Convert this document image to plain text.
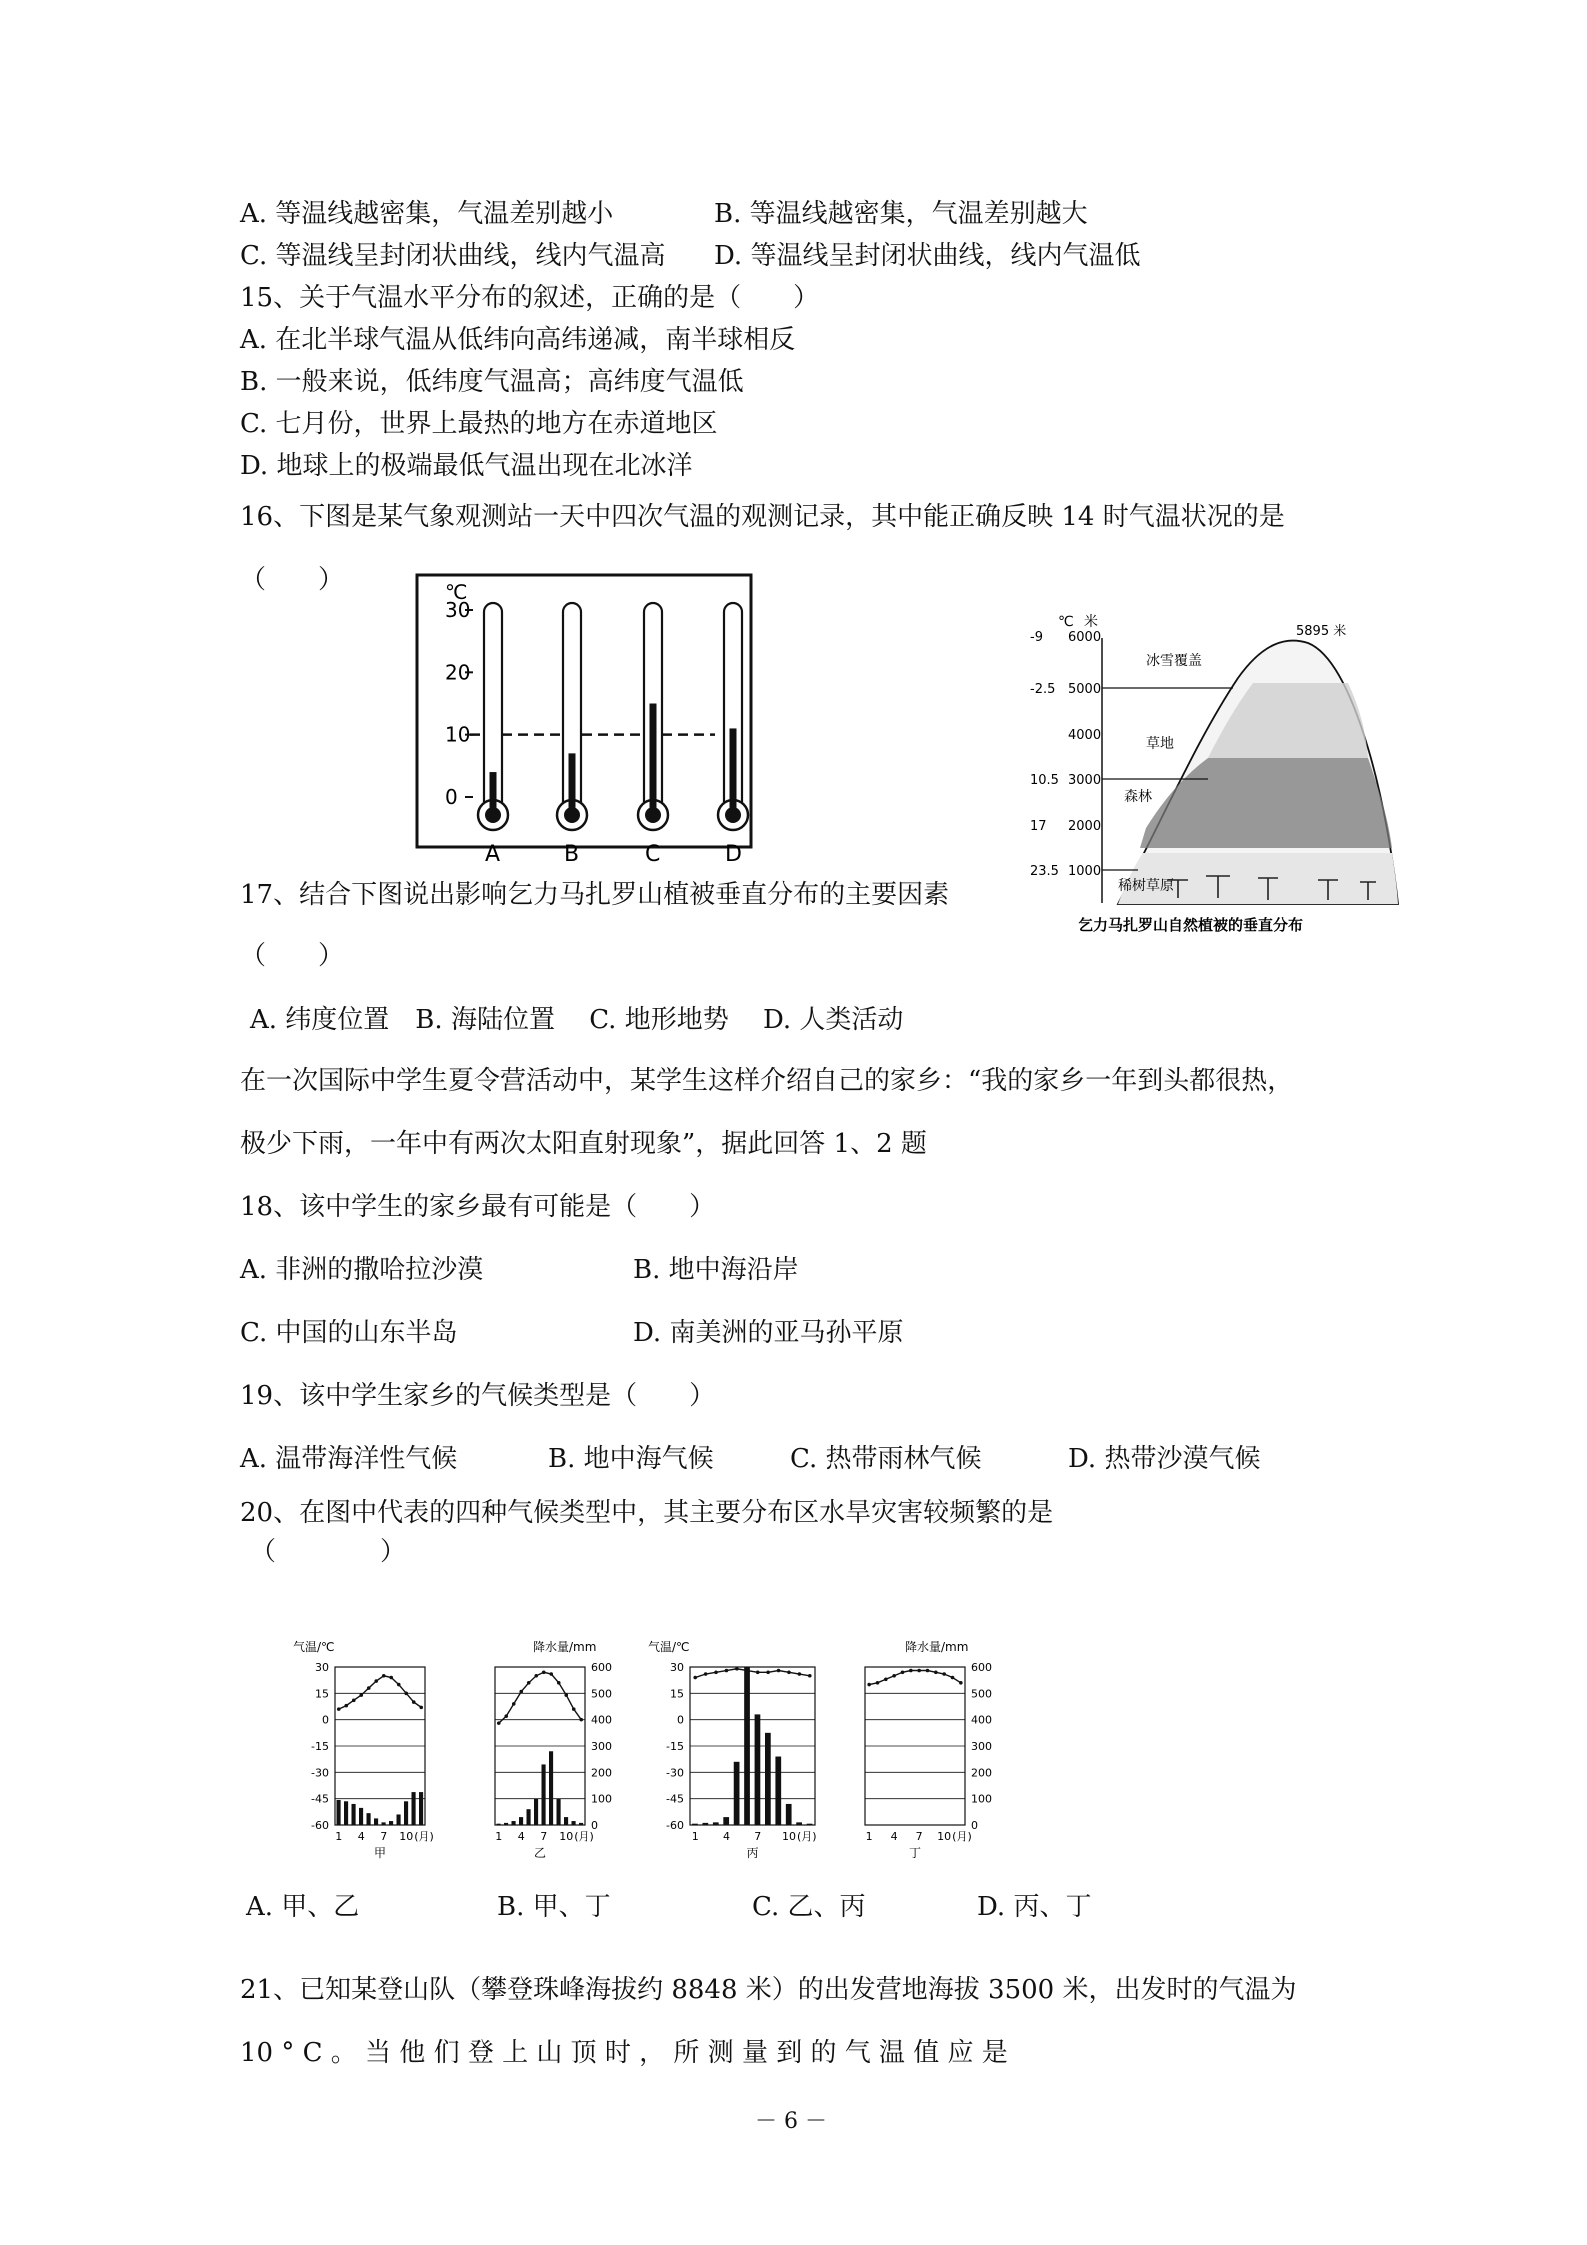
A. 等温线越密集，气温差别越小	B. 等温线越密集，气温差别越大
C. 等温线呈封闭状曲线，线内气温高 D. 等温线呈封闭状曲线，线内气温低
15、关于气温水平分布的叙述，正确的是（　　）
A. 在北半球气温从低纬向高纬递减，南半球相反
B. 一般来说，低纬度气温高；高纬度气温低
C. 七月份，世界上最热的地方在赤道地区
D. 地球上的极端最低气温出现在北冰洋
16、下图是某气象观测站一天中四次气温的观测记录，其中能正确反映 14 时气温状况的是
（　　）	℃
30
20
10
0
A	B	C	D
℃ 米
6000
5000
4000
3000
2000
1000
-9
-2.5
10.5
17
23.5
5895 米
冰雪覆盖
草地
森林
稀树草原
乞力马扎罗山自然植被的垂直分布
17、结合下图说出影响乞力马扎罗山植被垂直分布的主要因素
（　　）
A. 纬度位置　B. 海陆位置　 C. 地形地势　 D. 人类活动
在一次国际中学生夏令营活动中，某学生这样介绍自己的家乡：“我的家乡一年到头都很热，
极少下雨，一年中有两次太阳直射现象”，据此回答 1、2 题
18、该中学生的家乡最有可能是（　　）
A. 非洲的撒哈拉沙漠	B. 地中海沿岸
C. 中国的山东半岛	D. 南美洲的亚马孙平原
19、该中学生家乡的气候类型是（　　）
A. 温带海洋性气候	B. 地中海气候	C. 热带雨林气候	D. 热带沙漠气候
20、在图中代表的四种气候类型中，其主要分布区水旱灾害较频繁的是
（　　　　）
气温/℃
30
15
0
-15
-30
-45
-60
1 4 7 10 (月)
甲
降水量/mm
600
500
400
300
200
100
0
1 4 7 10 (月)
乙
气温/℃
30
15
0
-15
-30
-45
-60
1 4 7 10 (月)
丙
降水量/mm
600
500
400
300
200
100
0
1 4 7 10 (月)
丁
A. 甲、乙	B. 甲、丁	C. 乙、丙	D. 丙、丁
21、已知某登山队（攀登珠峰海拔约 8848 米）的出发营地海拔 3500 米，出发时的气温为
10 ° C 。 当 他 们 登 上 山 顶 时 ， 所 测 量 到 的 气 温 值 应 是
－ 6 －
